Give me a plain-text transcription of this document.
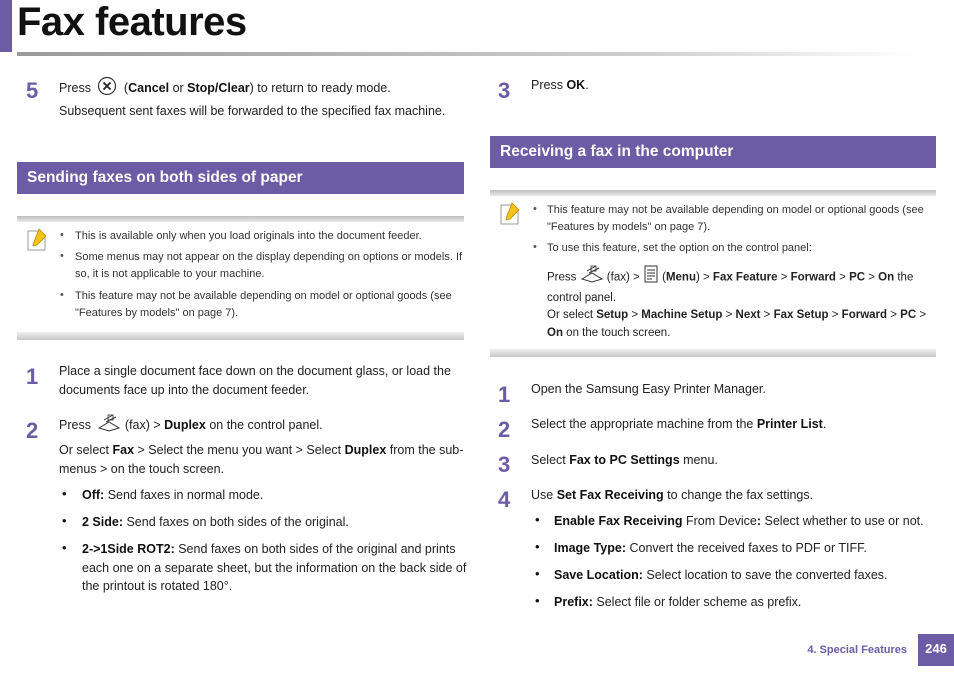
Fax features
5 Press	(Cancel or Stop/Clear) to return to ready mode.
Subsequent sent faxes will be forwarded to the specified fax machine.
Sending faxes on both sides of paper
• This is available only when you load originals into the document feeder.
• Some menus may not appear on the display depending on options or models. If so, it is not applicable to your machine.
• This feature may not be available depending on model or optional goods (see "Features by models" on page 7).
1 Place a single document face down on the document glass, or load the documents face up into the document feeder.
2 Press  (fax) > Duplex on the control panel.
Or select Fax > Select the menu you want > Select Duplex from the sub-menus > on the touch screen.
• Off: Send faxes in normal mode.
• 2 Side: Send faxes on both sides of the original.
• 2->1Side ROT2: Send faxes on both sides of the original and prints each one on a separate sheet, but the information on the back side of the printout is rotated 180°.
3 Press OK.
Receiving a fax in the computer
• This feature may not be available depending on model or optional goods (see "Features by models" on page 7).
• To use this feature, set the option on the control panel:
Press  (fax) >  (Menu) > Fax Feature > Forward > PC > On the control panel.
Or select Setup > Machine Setup > Next > Fax Setup > Forward > PC > On on the touch screen.
1 Open the Samsung Easy Printer Manager.
2 Select the appropriate machine from the Printer List.
3 Select Fax to PC Settings menu.
4 Use Set Fax Receiving to change the fax settings.
• Enable Fax Receiving From Device: Select whether to use or not.
• Image Type: Convert the received faxes to PDF or TIFF.
• Save Location: Select location to save the converted faxes.
• Prefix: Select file or folder scheme as prefix.
4. Special Features	246
